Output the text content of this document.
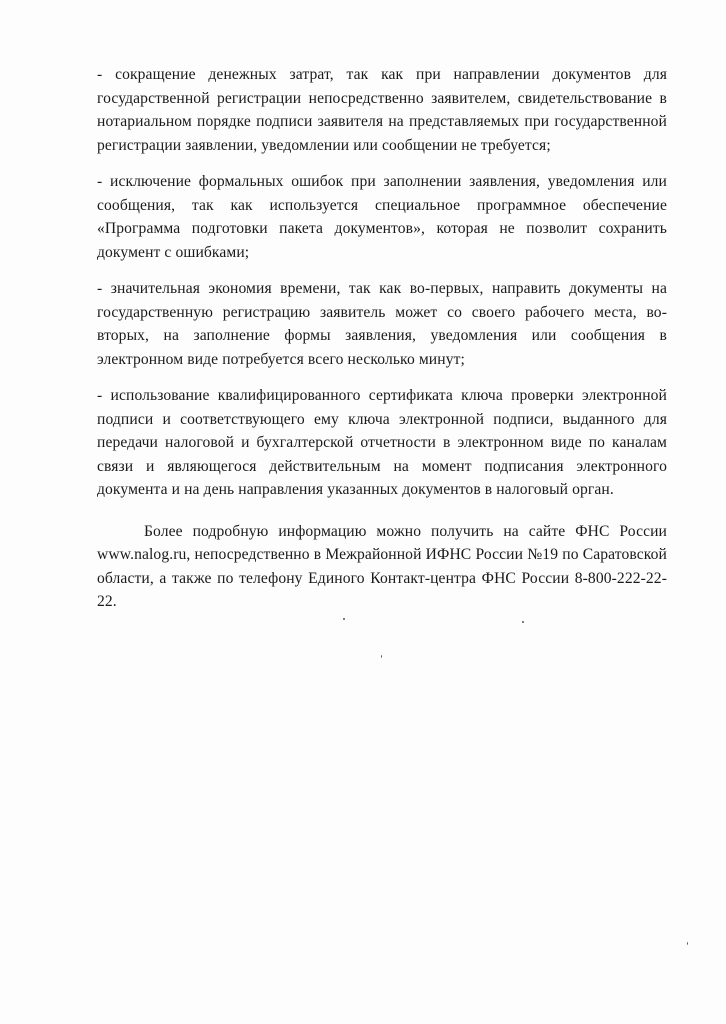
- сокращение денежных затрат, так как при направлении документов для государственной регистрации непосредственно заявителем, свидетельствование в нотариальном порядке подписи заявителя на представляемых при государственной регистрации заявлении, уведомлении или сообщении не требуется;

- исключение формальных ошибок при заполнении заявления, уведомления или сообщения, так как используется специальное программное обеспечение «Программа подготовки пакета документов», которая не позволит сохранить документ с ошибками;

- значительная экономия времени, так как во-первых, направить документы на государственную регистрацию заявитель может со своего рабочего места, во-вторых, на заполнение формы заявления, уведомления или сообщения в электронном виде потребуется всего несколько минут;

- использование квалифицированного сертификата ключа проверки электронной подписи и соответствующего ему ключа электронной подписи, выданного для передачи налоговой и бухгалтерской отчетности в электронном виде по каналам связи и являющегося действительным на момент подписания электронного документа и на день направления указанных документов в налоговый орган.

Более подробную информацию можно получить на сайте ФНС России www.nalog.ru, непосредственно в Межрайонной ИФНС России №19 по Саратовской области, а также по телефону Единого Контакт-центра ФНС России 8-800-222-22-22.
